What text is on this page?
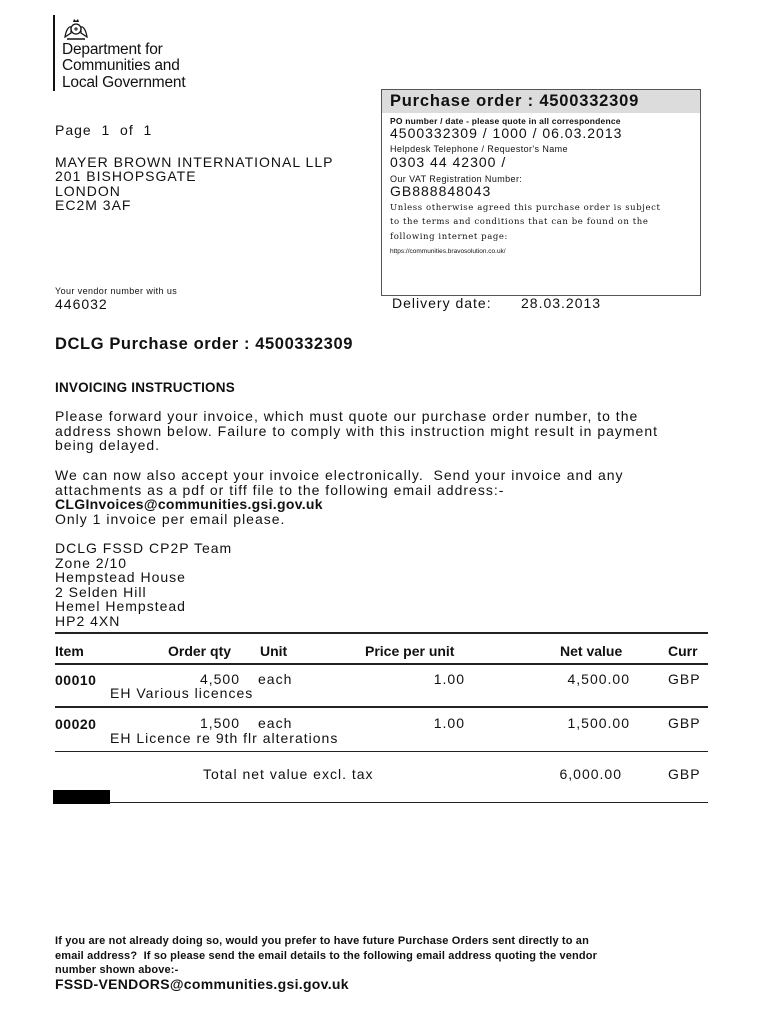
Department for
Communities and
Local Government
Page  1  of  1
MAYER BROWN INTERNATIONAL LLP
201 BISHOPSGATE
LONDON
EC2M 3AF
Your vendor number with us
446032
Purchase order : 4500332309
PO number / date - please quote in all correspondence
4500332309 / 1000 / 06.03.2013
Helpdesk Telephone / Requestor's Name
0303 44 42300 /
Our VAT Registration Number:
GB888848043
Unless otherwise agreed this purchase order is subject
to the terms and conditions that can be found on the
following internet page:
https://communities.bravosolution.co.uk/
Delivery date: 28.03.2013
DCLG Purchase order : 4500332309
INVOICING INSTRUCTIONS
Please forward your invoice, which must quote our purchase order number, to the
address shown below. Failure to comply with this instruction might result in payment
being delayed.
We can now also accept your invoice electronically.  Send your invoice and any
attachments as a pdf or tiff file to the following email address:-
CLGInvoices@communities.gsi.gov.uk
Only 1 invoice per email please.
DCLG FSSD CP2P Team
Zone 2/10
Hempstead House
2 Selden Hill
Hemel Hempstead
HP2 4XN
Item	Order qty Unit	Price per unit	Net value	Curr
00010	4,500 each	1.00	4,500.00	GBP
EH Various licences
00020	1,500 each	1.00	1,500.00	GBP
EH Licence re 9th flr alterations
Total net value excl. tax	6,000.00	GBP
If you are not already doing so, would you prefer to have future Purchase Orders sent directly to an
email address?  If so please send the email details to the following email address quoting the vendor
number shown above:-
FSSD-VENDORS@communities.gsi.gov.uk
